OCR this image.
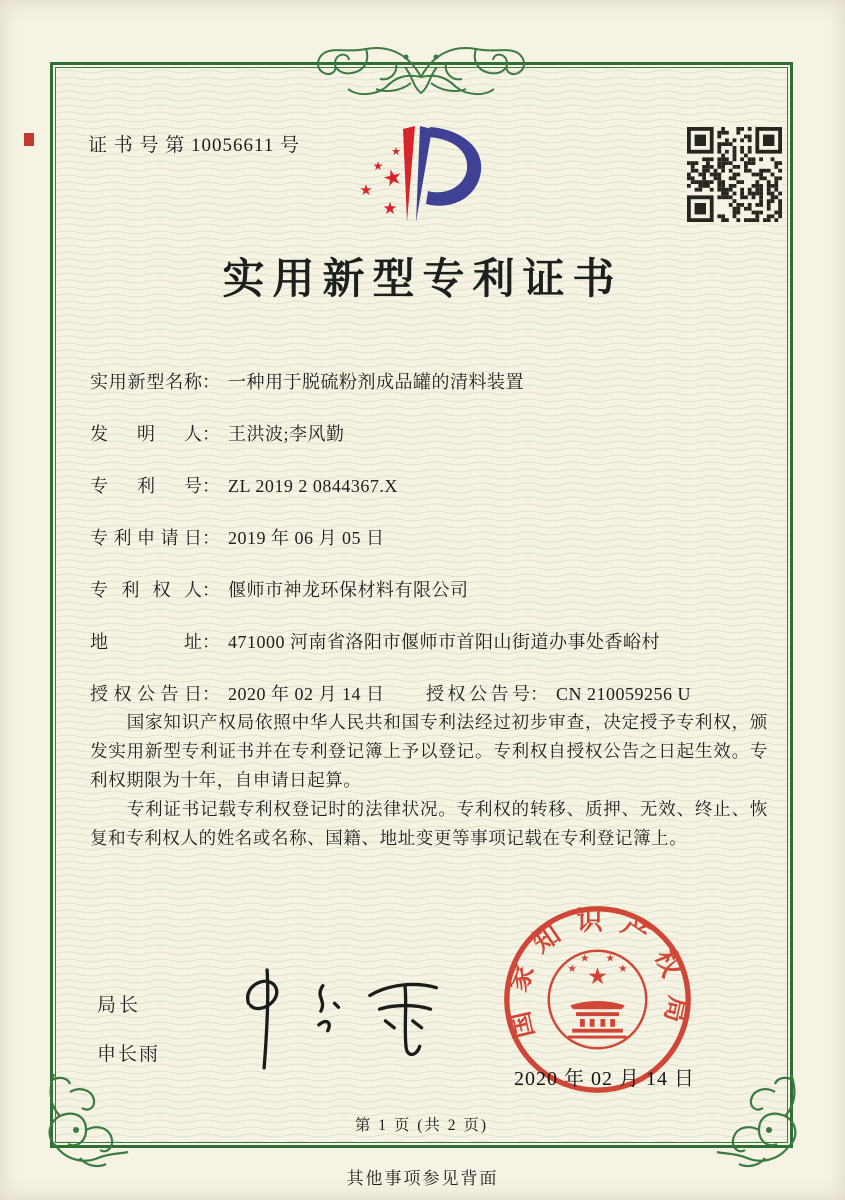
证 书 号 第 10056611 号	★
★
★ ★
★
实用新型专利证书
实用新型名称： 一种用于脱硫粉剂成品罐的清料装置
发明人： 王洪波;李风勤
专利号： ZL 2019 2 0844367.X
专利申请日： 2019 年 06 月 05 日
专利权人： 偃师市神龙环保材料有限公司
地址： 471000 河南省洛阳市偃师市首阳山街道办事处香峪村
授权公告日： 2020 年 02 月 14 日 授权公告号： CN 210059256 U

国家知识产权局依照中华人民共和国专利法经过初步审查，决定授予专利权，颁发实用新型专利证书并在专利登记簿上予以登记。专利权自授权公告之日起生效。专利权期限为十年，自申请日起算。

专利证书记载专利权登记时的法律状况。专利权的转移、质押、无效、终止、恢复和专利权人的姓名或名称、国籍、地址变更等事项记载在专利登记簿上。

局长
申长雨
国家知识产权局
★
★
★ ★
★
2020 年 02 月 14 日
第 1 页 (共 2 页)
其他事项参见背面
